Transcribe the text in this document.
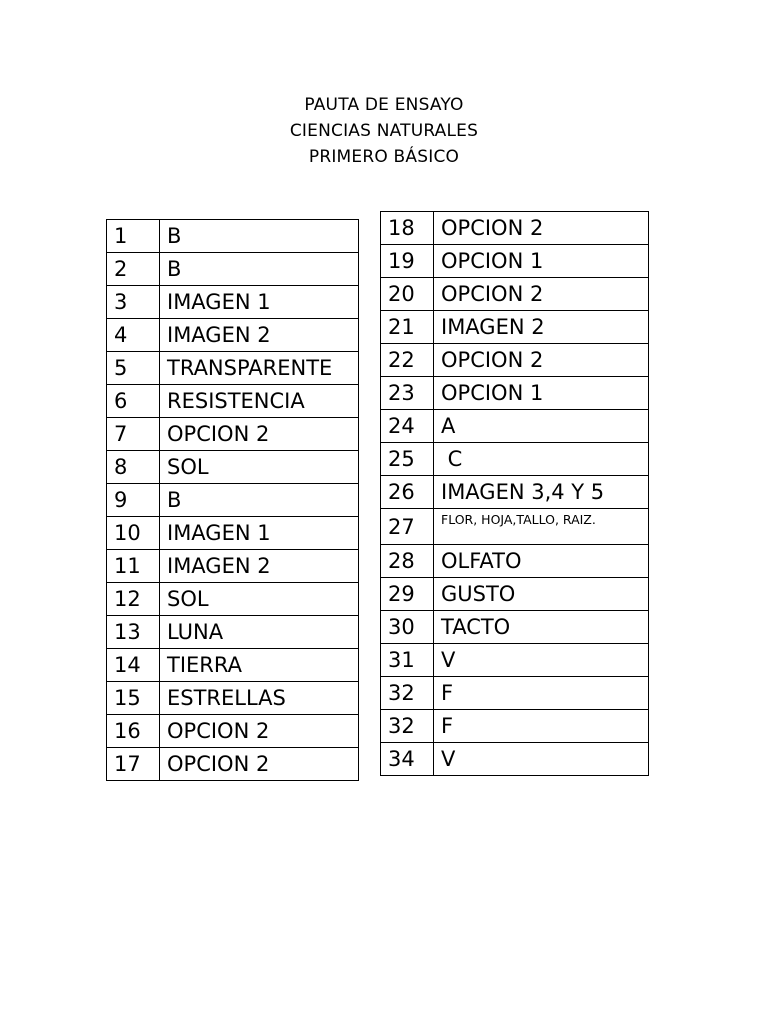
PAUTA DE ENSAYO
CIENCIAS NATURALES
PRIMERO BÁSICO
1	B
2	B
3	IMAGEN 1
4	IMAGEN 2
5	TRANSPARENTE
6	RESISTENCIA
7	OPCION 2
8	SOL
9	B
10	IMAGEN 1
11	IMAGEN 2
12	SOL
13	LUNA
14	TIERRA
15	ESTRELLAS
16	OPCION 2
17	OPCION 2
18	OPCION 2
19	OPCION 1
20	OPCION 2
21	IMAGEN 2
22	OPCION 2
23	OPCION 1
24	A
25	C
26	IMAGEN 3,4 Y 5
27	FLOR, HOJA,TALLO, RAIZ.
28	OLFATO
29	GUSTO
30	TACTO
31	V
32	F
32	F
34	V
